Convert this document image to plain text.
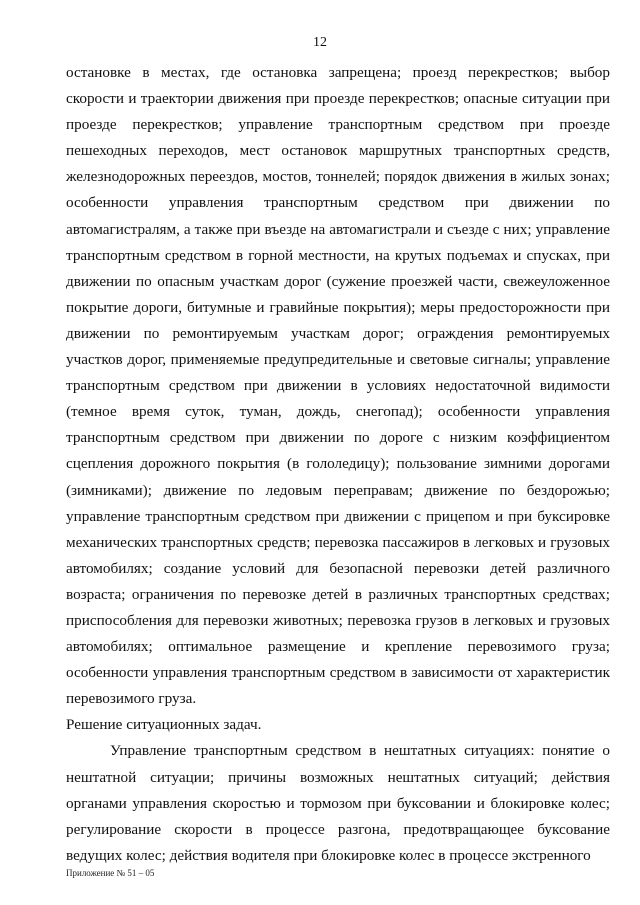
12

остановке в местах, где остановка запрещена; проезд перекрестков; выбор скорости и траектории движения при проезде перекрестков; опасные ситуации при проезде перекрестков; управление транспортным средством при проезде пешеходных переходов, мест остановок маршрутных транспортных средств, железнодорожных переездов, мостов, тоннелей; порядок движения в жилых зонах; особенности управления транспортным средством при движении по автомагистралям, а также при въезде на автомагистрали и съезде с них; управление транспортным средством в горной местности, на крутых подъемах и спусках, при движении по опасным участкам дорог (сужение проезжей части, свежеуложенное покрытие дороги, битумные и гравийные покрытия); меры предосторожности при движении по ремонтируемым участкам дорог; ограждения ремонтируемых участков дорог, применяемые предупредительные и световые сигналы; управление транспортным средством при движении в условиях недостаточной видимости (темное время суток, туман, дождь, снегопад); особенности управления транспортным средством при движении по дороге с низким коэффициентом сцепления дорожного покрытия (в гололедицу); пользование зимними дорогами (зимниками); движение по ледовым переправам; движение по бездорожью; управление транспортным средством при движении с прицепом и при буксировке механических транспортных средств; перевозка пассажиров в легковых и грузовых автомобилях; создание условий для безопасной перевозки детей различного возраста; ограничения по перевозке детей в различных транспортных средствах; приспособления для перевозки животных; перевозка грузов в легковых и грузовых автомобилях; оптимальное размещение и крепление перевозимого груза; особенности управления транспортным средством в зависимости от характеристик перевозимого груза.

Решение ситуационных задач.

Управление транспортным средством в нештатных ситуациях: понятие о нештатной ситуации; причины возможных нештатных ситуаций; действия органами управления скоростью и тормозом при буксовании и блокировке колес; регулирование скорости в процессе разгона, предотвращающее буксование ведущих колес; действия водителя при блокировке колес в процессе экстренного

Приложение № 51 – 05
